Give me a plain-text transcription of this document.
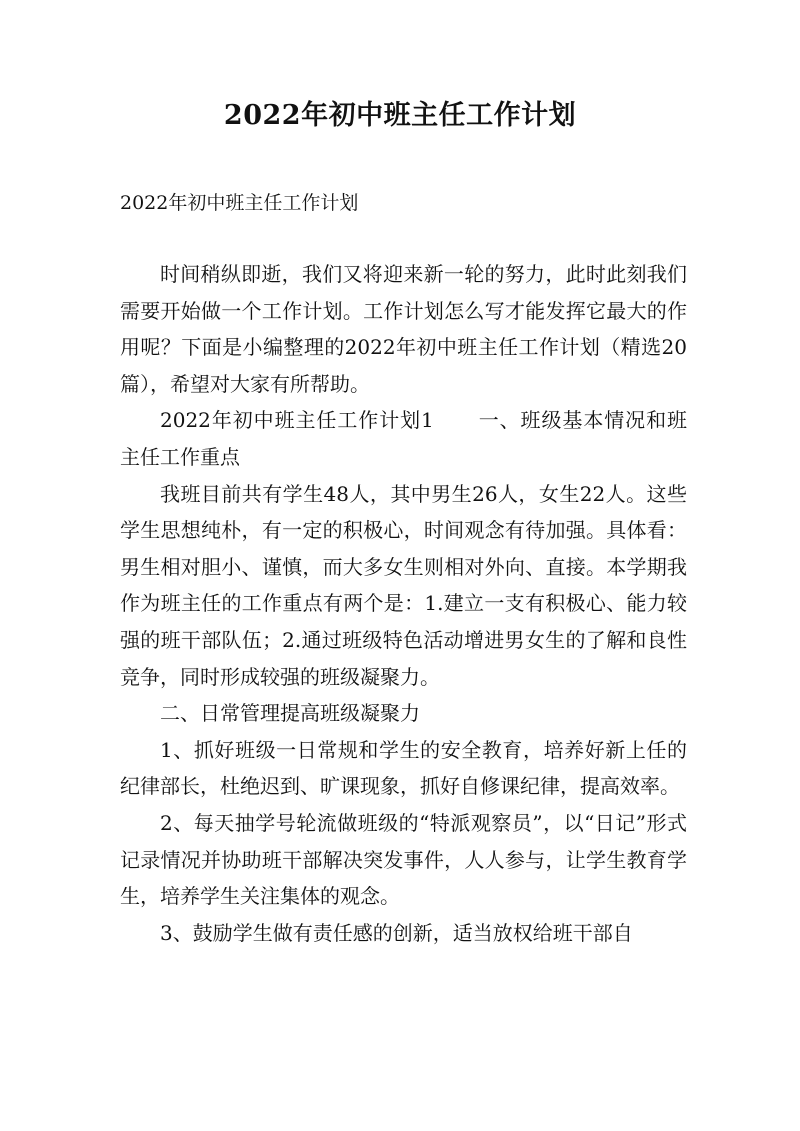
2022年初中班主任工作计划

2022年初中班主任工作计划

时间稍纵即逝，我们又将迎来新一轮的努力，此时此刻我们需要开始做一个工作计划。工作计划怎么写才能发挥它最大的作用呢？下面是小编整理的2022年初中班主任工作计划（精选20篇），希望对大家有所帮助。

2022年初中班主任工作计划1 一、班级基本情况和班主任工作重点

我班目前共有学生48人，其中男生26人，女生22人。这些学生思想纯朴，有一定的积极心，时间观念有待加强。具体看：男生相对胆小、谨慎，而大多女生则相对外向、直接。本学期我作为班主任的工作重点有两个是：1.建立一支有积极心、能力较强的班干部队伍；2.通过班级特色活动增进男女生的了解和良性竞争，同时形成较强的班级凝聚力。

二、日常管理提高班级凝聚力

1、抓好班级一日常规和学生的安全教育，培养好新上任的纪律部长，杜绝迟到、旷课现象，抓好自修课纪律，提高效率。

2、每天抽学号轮流做班级的“特派观察员”，以“日记”形式记录情况并协助班干部解决突发事件，人人参与，让学生教育学生，培养学生关注集体的观念。

3、鼓励学生做有责任感的创新，适当放权给班干部自
